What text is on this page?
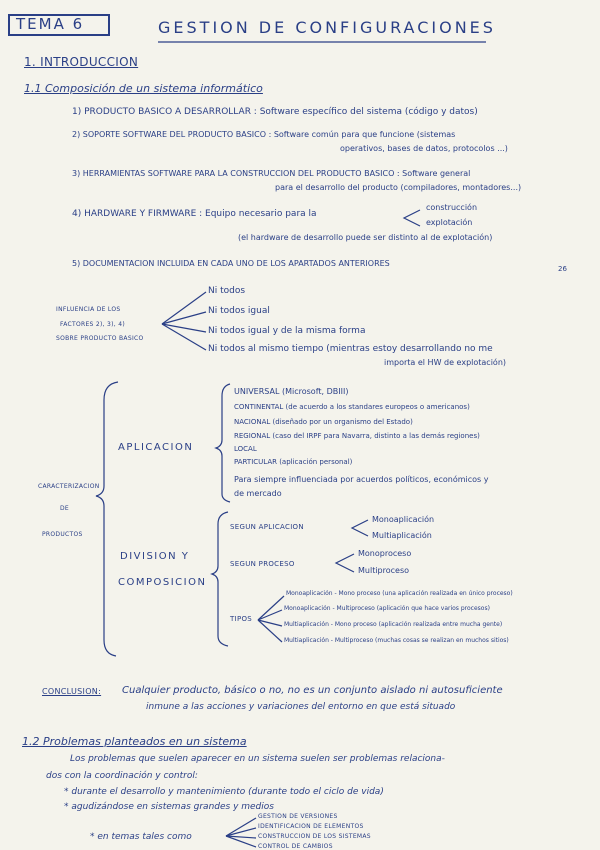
TEMA 6	GESTION DE CONFIGURACIONES
1. INTRODUCCION
1.1 Composición de un sistema informático
1) PRODUCTO BASICO A DESARROLLAR : Software específico del sistema (código y datos)
2) SOPORTE SOFTWARE DEL PRODUCTO BASICO : Software común para que funcione (sistemas
operativos, bases de datos, protocolos ...)
3) HERRAMIENTAS SOFTWARE PARA LA CONSTRUCCION DEL PRODUCTO BASICO : Software general
para el desarrollo del producto (compiladores, montadores...)
4) HARDWARE Y FIRMWARE : Equipo necesario para la
construcción
explotación
(el hardware de desarrollo puede ser distinto al de explotación)
5) DOCUMENTACION INCLUIDA EN CADA UNO DE LOS APARTADOS ANTERIORES
26
INFLUENCIA DE LOS
FACTORES 2), 3), 4)
SOBRE PRODUCTO BASICO
Ni todos
Ni todos igual
Ni todos igual y de la misma forma
Ni todos al mismo tiempo (mientras estoy desarrollando no me
importa el HW de explotación)
CARACTERIZACION
DE
PRODUCTOS
APLICACION
UNIVERSAL (Microsoft, DBIII)
CONTINENTAL (de acuerdo a los standares europeos o americanos)
NACIONAL (diseñado por un organismo del Estado)
REGIONAL (caso del IRPF para Navarra, distinto a las demás regiones)
LOCAL
PARTICULAR (aplicación personal)
Para siempre influenciada por acuerdos políticos, económicos y
de mercado
DIVISION Y
COMPOSICION
SEGUN APLICACION
Monoaplicación
Multiaplicación
SEGUN PROCESO
Monoproceso
Multiproceso
TIPOS
Monoaplicación - Mono proceso (una aplicación realizada en único proceso)
Monoaplicación - Multiproceso (aplicación que hace varios procesos)
Multiaplicación - Mono proceso (aplicación realizada entre mucha gente)
Multiaplicación - Multiproceso (muchas cosas se realizan en muchos sitios)
CONCLUSION: Cualquier producto, básico o no, no es un conjunto aislado ni autosuficiente
inmune a las acciones y variaciones del entorno en que está situado
1.2 Problemas planteados en un sistema
Los problemas que suelen aparecer en un sistema suelen ser problemas relaciona-
dos con la coordinación y control:
* durante el desarrollo y mantenimiento (durante todo el ciclo de vida)
* agudizándose en sistemas grandes y medios
* en temas tales como
GESTION DE VERSIONES
IDENTIFICACION DE ELEMENTOS
CONSTRUCCION DE LOS SISTEMAS
CONTROL DE CAMBIOS
